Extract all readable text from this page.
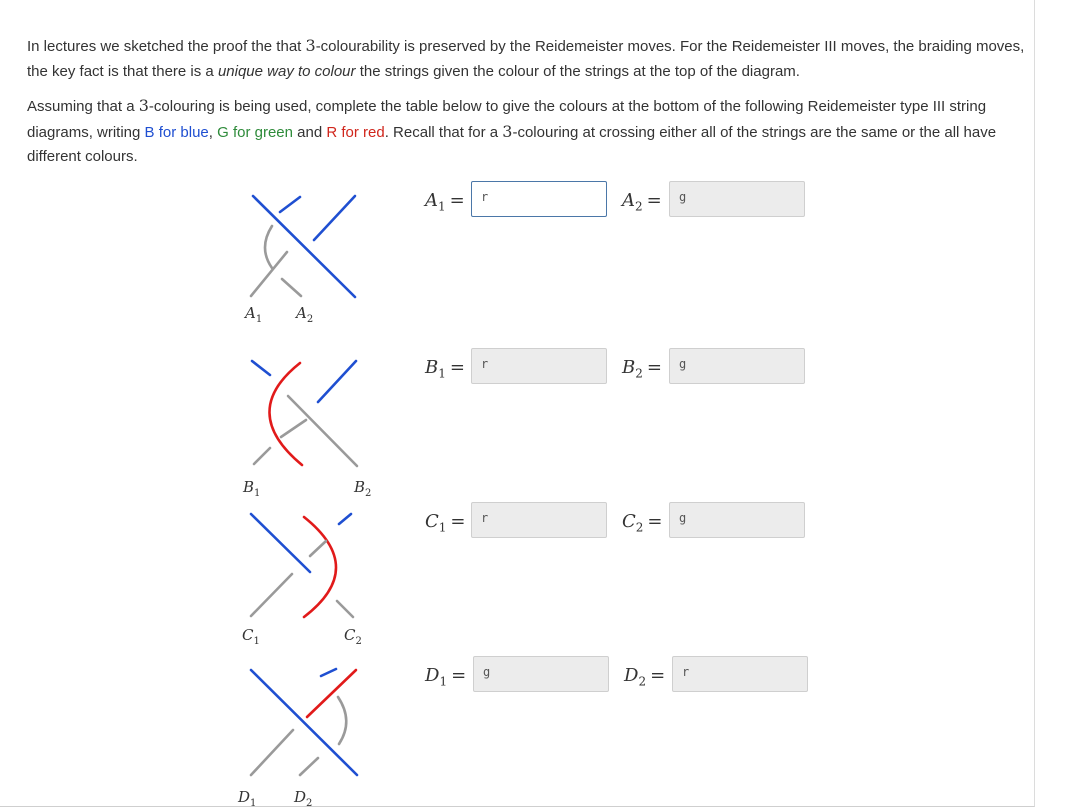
In lectures we sketched the proof the that 3-colourability is preserved by the Reidemeister moves. For the Reidemeister III moves, the braiding moves, the key fact is that there is a unique way to colour the strings given the colour of the strings at the top of the diagram.

Assuming that a 3-colouring is being used, complete the table below to give the colours at the bottom of the following Reidemeister type III string diagrams, writing B for blue, G for green and R for red. Recall that for a 3-colouring at crossing either all of the strings are the same or the all have different colours.

$A_1$ $A_2$
$B_1$	$B_2$
$C_1$	$C_2$
$D_1$	$D_2$
$A_1$ =	r	$A_2$ =	g
$B_1$ =	r	$B_2$ =	g
$C_1$ =	r	$C_2$ =	g
$D_1$ =	g	$D_2$ =	r
